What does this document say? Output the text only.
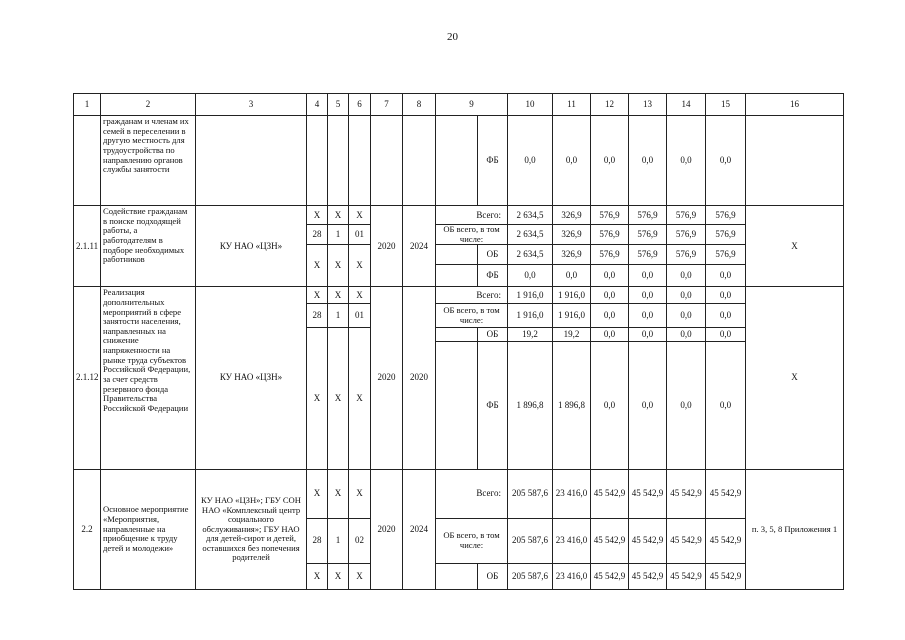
20
1	2	3	4	5	6	7	8	9		10	11	12	13	14	15	16
	гражданам и членам их семей в переселении в другую местность для трудоустройства по направлению органов службы занятости								ФБ	0,0	0,0	0,0	0,0	0,0	0,0	
2.1.11	Содействие гражданам в поиске подходящей работы, а работодателям в подборе необходимых работников	КУ НАО «ЦЗН»	Х	Х	Х	2020	2024	Всего:		2 634,5	326,9	576,9	576,9	576,9	576,9	Х
			28	1	01			ОБ всего, в том числе:		2 634,5	326,9	576,9	576,9	576,9	576,9	
			Х	Х	Х				ОБ	2 634,5	326,9	576,9	576,9	576,9	576,9	
									ФБ	0,0	0,0	0,0	0,0	0,0	0,0	
2.1.12	Реализация дополнительных мероприятий в сфере занятости населения, направленных на снижение напряженности на рынке труда субъектов Российской Федерации, за счет средств резервного фонда Правительства Российской Федерации	КУ НАО «ЦЗН»	Х	Х	Х	2020	2020	Всего:		1 916,0	1 916,0	0,0	0,0	0,0	0,0	Х
			28	1	01			ОБ всего, в том числе:		1 916,0	1 916,0	0,0	0,0	0,0	0,0	
			Х	Х	Х				ОБ	19,2	19,2	0,0	0,0	0,0	0,0	
									ФБ	1 896,8	1 896,8	0,0	0,0	0,0	0,0	
2.2	Основное мероприятие «Мероприятия, направленные на приобщение к труду детей и молодежи»	КУ НАО «ЦЗН»; ГБУ СОН НАО «Комплексный центр социального обслуживания»; ГБУ НАО для детей-сирот и детей, оставшихся без попечения родителей	Х	Х	Х	2020	2024	Всего:		205 587,6	23 416,0	45 542,9	45 542,9	45 542,9	45 542,9	п. 3, 5, 8 Приложения 1
			28	1	02			ОБ всего, в том числе:		205 587,6	23 416,0	45 542,9	45 542,9	45 542,9	45 542,9	
			Х	Х	Х				ОБ	205 587,6	23 416,0	45 542,9	45 542,9	45 542,9	45 542,9	
